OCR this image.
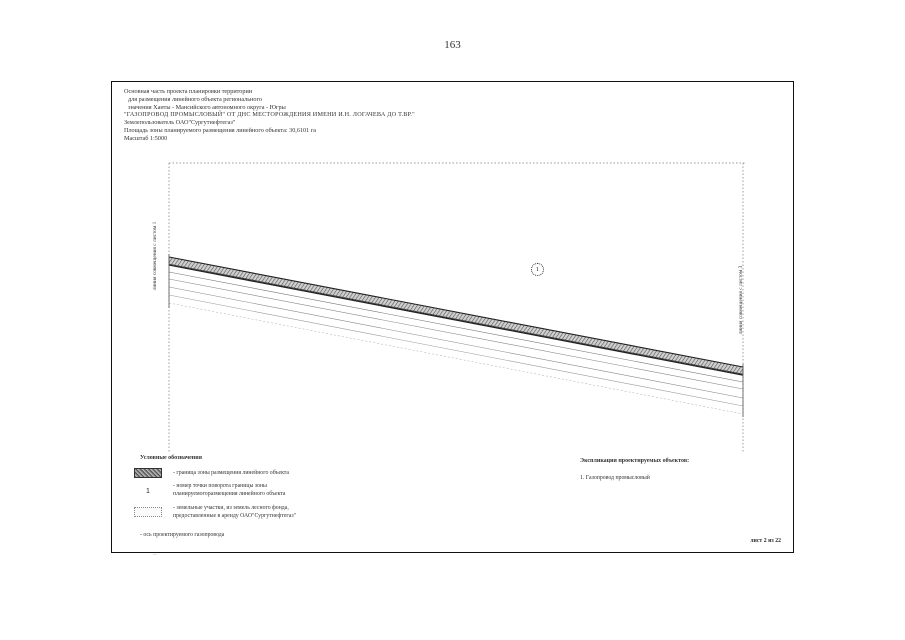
163
Основная часть проекта планировки территории
для размещения линейного объекта регионального
значения Ханты - Мансийского автономного округа - Югры
"ГАЗОПРОВОД ПРОМЫСЛОВЫЙ" ОТ ДНС МЕСТОРОЖДЕНИЯ ИМЕНИ И.Н. ЛОГАЧЕВА ДО Т.ВР."
Землепользователь ОАО"Сургутнефтегаз"
Площадь зоны планируемого размещения линейного объекта: 30,6101 га
Масштаб 1:5000
линия совмещения с листом 1
линия совмещения с листом 3
1
Условные обозначения
1
- граница зоны размещения линейного объекта
- номер точки поворота границы зоны
планируемогоразмещения линейного объекта
- земельные участки, из земель лесного фонда,
предоставленные в аренду ОАО"Сургутнефтегаз"
- ось проектируемого газопровода
Экспликация проектируемых объектов:
1. Газопровод промысловый
лист 2 из 22
...
